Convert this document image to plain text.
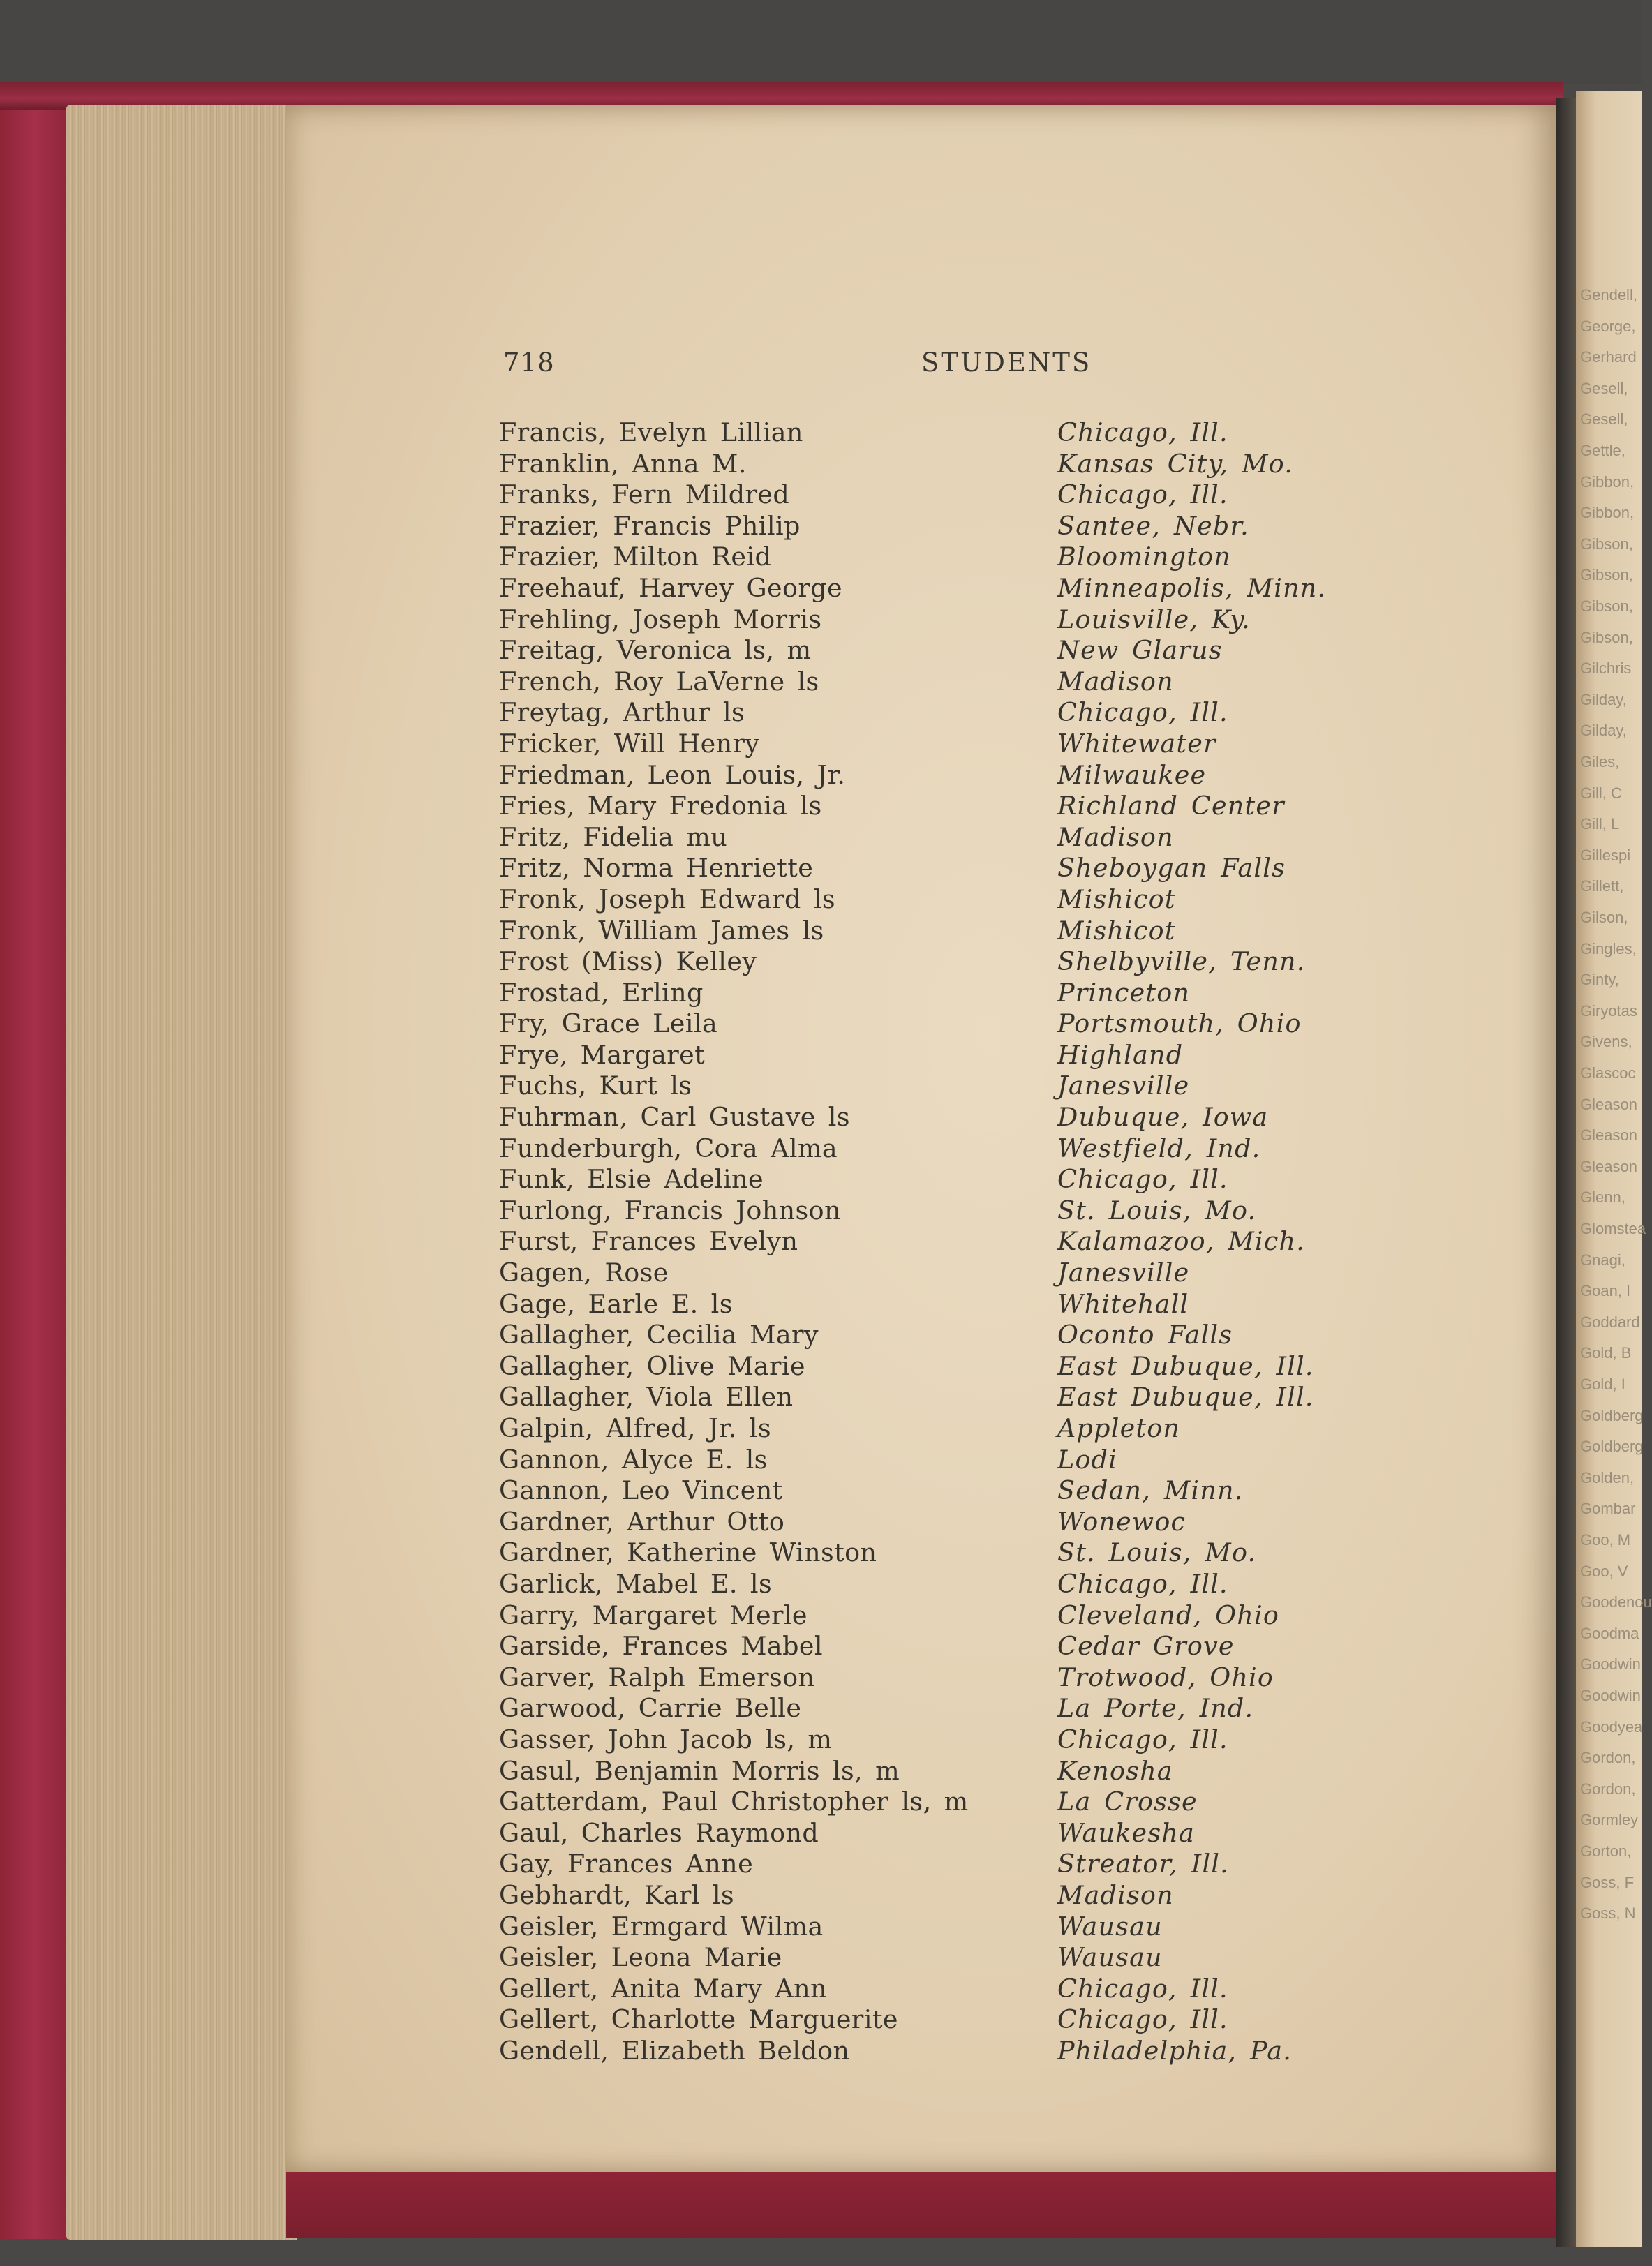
718	STUDENTS
Francis, Evelyn Lillian	Chicago, Ill.
Franklin, Anna M.	Kansas City, Mo.
Franks, Fern Mildred	Chicago, Ill.
Frazier, Francis Philip	Santee, Nebr.
Frazier, Milton Reid	Bloomington
Freehauf, Harvey George	Minneapolis, Minn.
Frehling, Joseph Morris	Louisville, Ky.
Freitag, Veronica ls, m	New Glarus
French, Roy LaVerne ls	Madison
Freytag, Arthur ls	Chicago, Ill.
Fricker, Will Henry	Whitewater
Friedman, Leon Louis, Jr.	Milwaukee
Fries, Mary Fredonia ls	Richland Center
Fritz, Fidelia mu	Madison
Fritz, Norma Henriette	Sheboygan Falls
Fronk, Joseph Edward ls	Mishicot
Fronk, William James ls	Mishicot
Frost (Miss) Kelley	Shelbyville, Tenn.
Frostad, Erling	Princeton
Fry, Grace Leila	Portsmouth, Ohio
Frye, Margaret	Highland
Fuchs, Kurt ls	Janesville
Fuhrman, Carl Gustave ls	Dubuque, Iowa
Funderburgh, Cora Alma	Westfield, Ind.
Funk, Elsie Adeline	Chicago, Ill.
Furlong, Francis Johnson	St. Louis, Mo.
Furst, Frances Evelyn	Kalamazoo, Mich.
Gagen, Rose	Janesville
Gage, Earle E. ls	Whitehall
Gallagher, Cecilia Mary	Oconto Falls
Gallagher, Olive Marie	East Dubuque, Ill.
Gallagher, Viola Ellen	East Dubuque, Ill.
Galpin, Alfred, Jr. ls	Appleton
Gannon, Alyce E. ls	Lodi
Gannon, Leo Vincent	Sedan, Minn.
Gardner, Arthur Otto	Wonewoc
Gardner, Katherine Winston	St. Louis, Mo.
Garlick, Mabel E. ls	Chicago, Ill.
Garry, Margaret Merle	Cleveland, Ohio
Garside, Frances Mabel	Cedar Grove
Garver, Ralph Emerson	Trotwood, Ohio
Garwood, Carrie Belle	La Porte, Ind.
Gasser, John Jacob ls, m	Chicago, Ill.
Gasul, Benjamin Morris ls, m	Kenosha
Gatterdam, Paul Christopher ls, m	La Crosse
Gaul, Charles Raymond	Waukesha
Gay, Frances Anne	Streator, Ill.
Gebhardt, Karl ls	Madison
Geisler, Ermgard Wilma	Wausau
Geisler, Leona Marie	Wausau
Gellert, Anita Mary Ann	Chicago, Ill.
Gellert, Charlotte Marguerite	Chicago, Ill.
Gendell, Elizabeth Beldon	Philadelphia, Pa.
Gendell,
George,
Gerhard
Gesell,
Gesell,
Gettle,
Gibbon,
Gibbon,
Gibson,
Gibson,
Gibson,
Gibson,
Gilchris
Gilday,
Gilday,
Giles,
Gill, C
Gill, L
Gillespi
Gillett,
Gilson,
Gingles,
Ginty,
Giryotas
Givens,
Glascoc
Gleason
Gleason
Gleason
Glenn,
Glomstea
Gnagi,
Goan, I
Goddard
Gold, B
Gold, I
Goldberg
Goldberg
Golden,
Gombar
Goo, M
Goo, V
Goodenou
Goodma
Goodwin
Goodwin
Goodyea
Gordon,
Gordon,
Gormley
Gorton,
Goss, F
Goss, N
